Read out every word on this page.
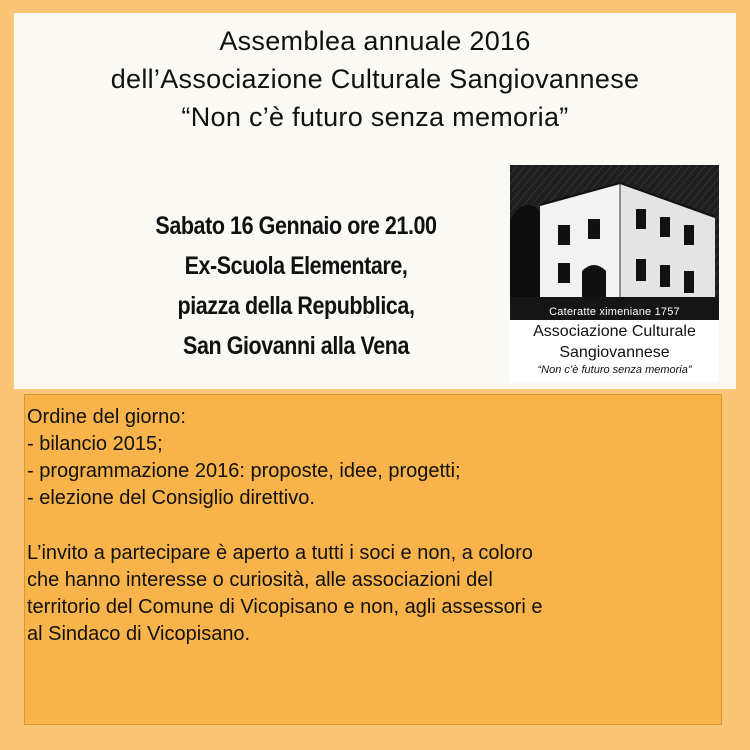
Assemblea annuale 2016
dell’Associazione Culturale Sangiovannese
“Non c’è futuro senza memoria”
Sabato 16 Gennaio ore 21.00
Ex-Scuola Elementare,
piazza della Repubblica,
San Giovanni alla Vena
Cateratte ximeniane 1757
Associazione Culturale
Sangiovannese
“Non c’è futuro senza memoria”
Ordine del giorno:
- bilancio 2015;
- programmazione 2016: proposte, idee, progetti;
- elezione del Consiglio direttivo.
L’invito a partecipare è aperto a tutti i soci e non, a coloro
che hanno interesse o curiosità, alle associazioni del
territorio del Comune di Vicopisano e non, agli assessori e
al Sindaco di Vicopisano.
